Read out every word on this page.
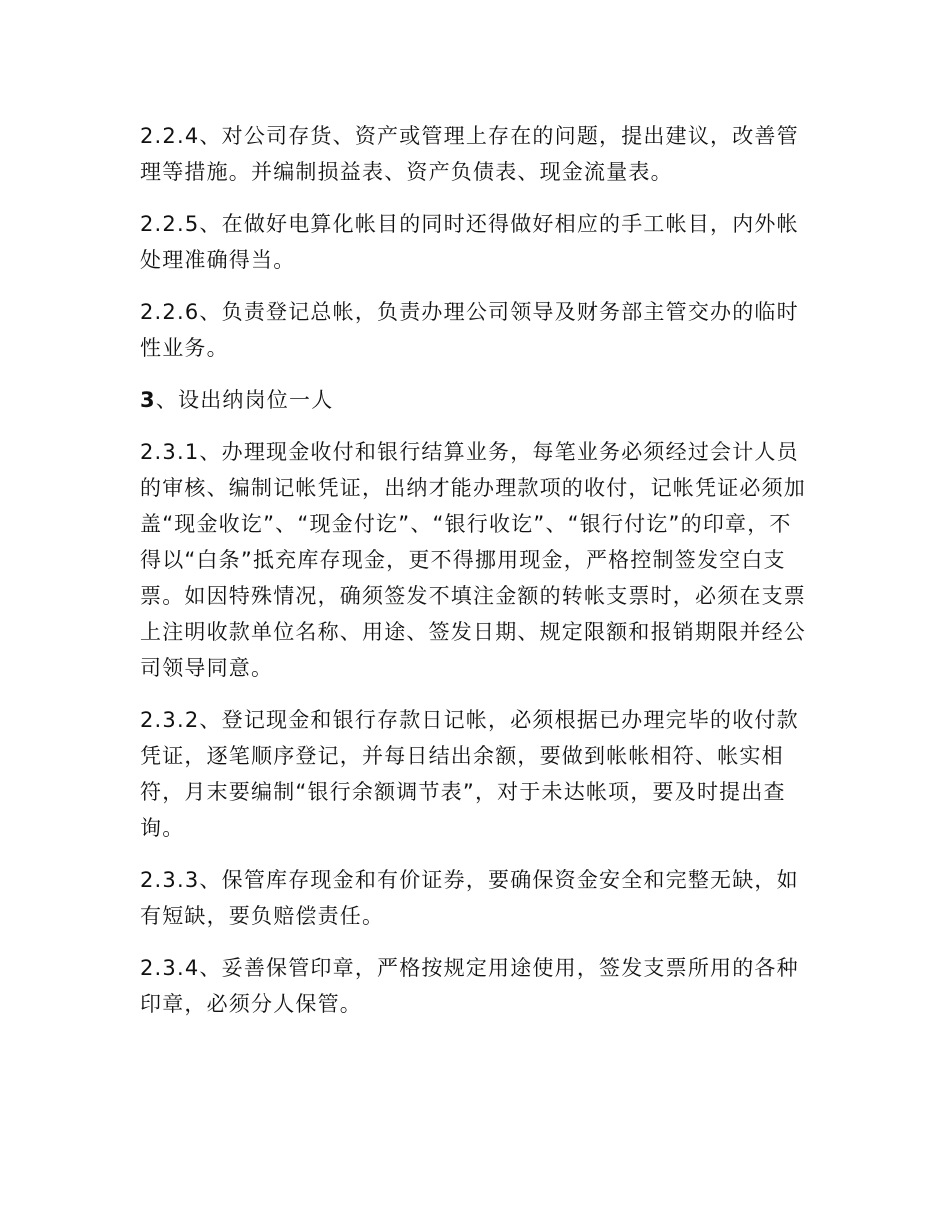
2.2.4、对公司存货、资产或管理上存在的问题，提出建议，改善管理等措施。并编制损益表、资产负债表、现金流量表。

2.2.5、在做好电算化帐目的同时还得做好相应的手工帐目，内外帐处理准确得当。

2.2.6、负责登记总帐，负责办理公司领导及财务部主管交办的临时性业务。

3、设出纳岗位一人

2.3.1、办理现金收付和银行结算业务，每笔业务必须经过会计人员的审核、编制记帐凭证，出纳才能办理款项的收付，记帐凭证必须加盖“现金收讫”、“现金付讫”、“银行收讫”、“银行付讫”的印章，不得以“白条”抵充库存现金，更不得挪用现金，严格控制签发空白支票。如因特殊情况，确须签发不填注金额的转帐支票时，必须在支票上注明收款单位名称、用途、签发日期、规定限额和报销期限并经公司领导同意。

2.3.2、登记现金和银行存款日记帐，必须根据已办理完毕的收付款凭证，逐笔顺序登记，并每日结出余额，要做到帐帐相符、帐实相符，月末要编制“银行余额调节表”，对于未达帐项，要及时提出查询。

2.3.3、保管库存现金和有价证券，要确保资金安全和完整无缺，如有短缺，要负赔偿责任。

2.3.4、妥善保管印章，严格按规定用途使用，签发支票所用的各种印章，必须分人保管。
